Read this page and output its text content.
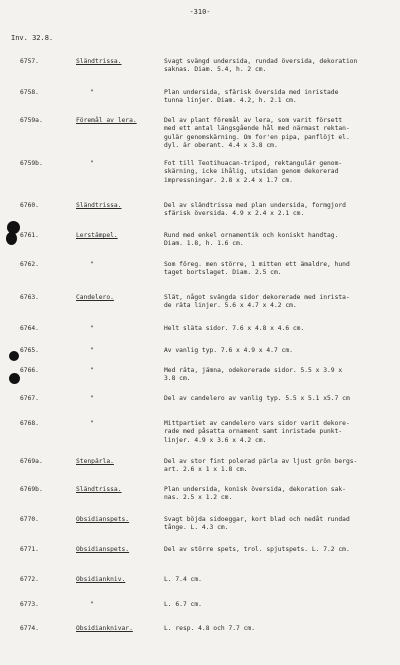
-310-
Inv. 32.8.
6757.	Sländtrissa.	Svagt svängd undersida, rundad översida, dekoration
saknas. Diam. 5.4, h. 2 cm.
6758.	"	Plan undersida, sfärisk översida med inristade
tunna linjer. Diam. 4.2, h. 2.1 cm.
6759a.	Föremål av lera.	Del av plant föremål av lera, som varit försett
med ett antal längsgående hål med närmast rektan-
gulär genomskärning. Om for'en pipa, panflöjt el.
dyl. är oberant. 4.4 x 3.8 cm.
6759b.	"	Fot till Teotihuacan-tripod, rektangulär genom-
skärning, icke ihålig, utsidan genom dekorerad
impressningar. 2.8 x 2.4 x 1.7 cm.
6760.	Sländtrissa.	Del av sländtrissa med plan undersida, formgjord
sfärisk översida. 4.9 x 2.4 x 2.1 cm.
6761.	Lerstämpel.	Rund med enkel ornamentik och koniskt handtag.
Diam. 1.8, h. 1.6 cm.
6762.	"	Som föreg. men större, 1 mitten ett ämaldre, hund
taget bortslaget. Diam. 2.5 cm.
6763.	Candelero.	Slät, något svängda sidor dekorerade med inrista-
de räta linjer. 5.6 x 4.7 x 4.2 cm.
6764.	"	Helt släta sidor. 7.6 x 4.8 x 4.6 cm.
6765.	"	Av vanlig typ. 7.6 x 4.9 x 4.7 cm.
6766.	"	Med räta, jämna, odekorerade sidor. 5.5 x 3.9 x
3.8 cm.
6767.	"	Del av candelero av vanlig typ. 5.5 x 5.1 x5.7 cm
6768.	"	Mittpartiet av candelero vars sidor varit dekore-
rade med påsatta ornament samt inristade punkt-
linjer. 4.9 x 3.6 x 4.2 cm.
6769a.	Stenpärla.	Del av stor fint polerad pärla av ljust grön bergs-
art. 2.6 x 1 x 1.8 cm.
6769b.	Sländtrissa.	Plan undersida, konisk översida, dekoration sak-
nas. 2.5 x 1.2 cm.
6770.	Obsidianspets.	Svagt böjda sidoeggar, kort blad och nedåt rundad
tånge. L. 4.3 cm.
6771.	Obsidianspets.	Del av större spets, trol. spjutspets. L. 7.2 cm.
6772.	Obsidiankniv.	L. 7.4 cm.
6773.	"	L. 6.7 cm.
6774.	Obsidianknivar.	L. resp. 4.8 och 7.7 cm.
